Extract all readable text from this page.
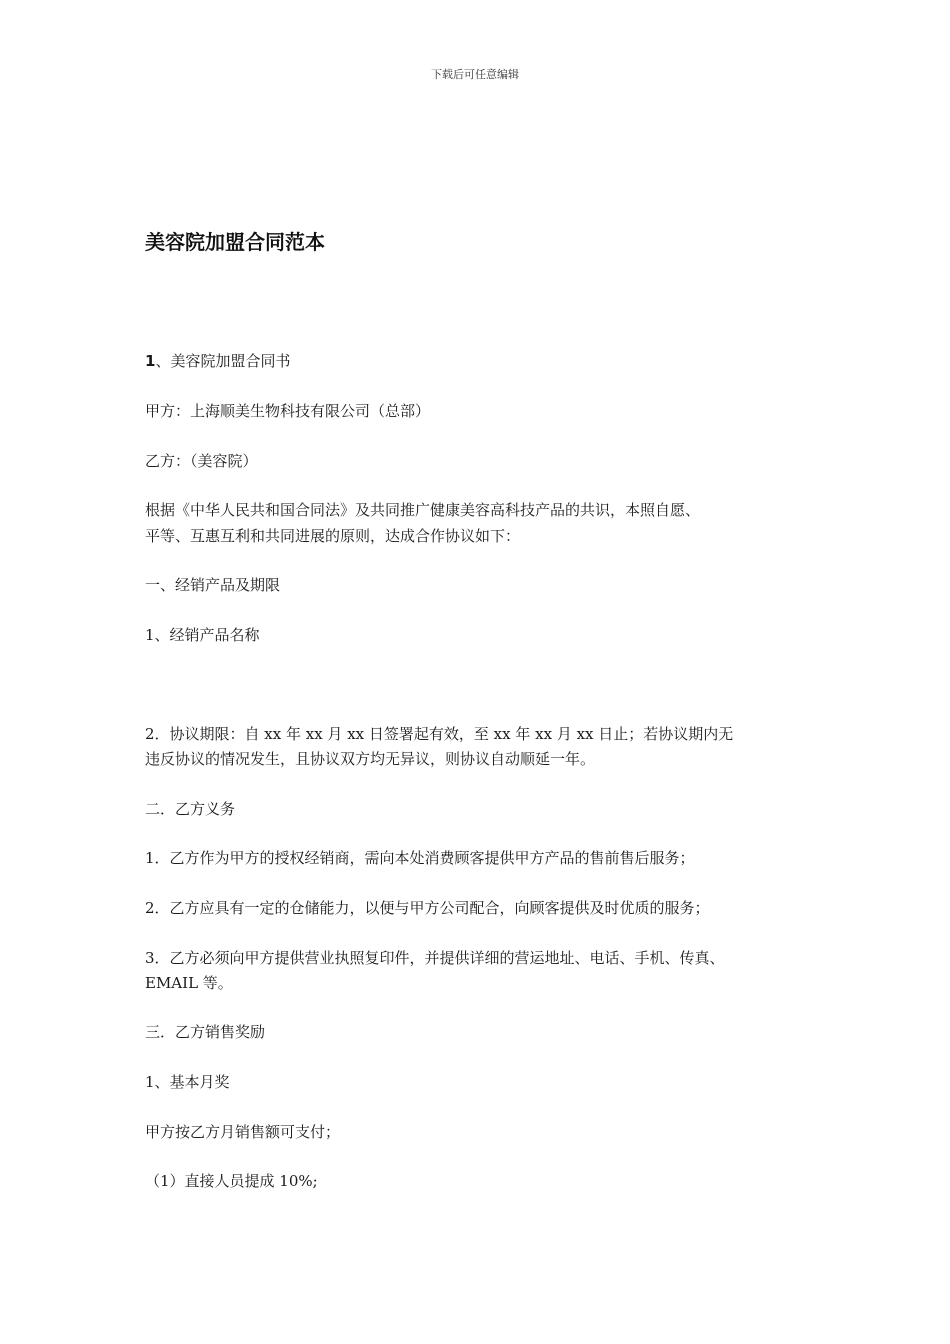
下载后可任意编辑
美容院加盟合同范本
1、美容院加盟合同书
甲方：上海顺美生物科技有限公司（总部）
乙方：（美容院）
根据《中华人民共和国合同法》及共同推广健康美容高科技产品的共识，本照自愿、
平等、互惠互利和共同进展的原则，达成合作协议如下：
一、经销产品及期限
1、经销产品名称
2．协议期限：自 xx 年 xx 月 xx 日签署起有效，至 xx 年 xx 月 xx 日止；若协议期内无
违反协议的情况发生，且协议双方均无异议，则协议自动顺延一年。
二．乙方义务
1．乙方作为甲方的授权经销商，需向本处消费顾客提供甲方产品的售前售后服务；
2．乙方应具有一定的仓储能力，以便与甲方公司配合，向顾客提供及时优质的服务；
3．乙方必须向甲方提供营业执照复印件，并提供详细的营运地址、电话、手机、传真、
EMAIL 等。
三．乙方销售奖励
1、基本月奖
甲方按乙方月销售额可支付；
（1）直接人员提成 10%;
